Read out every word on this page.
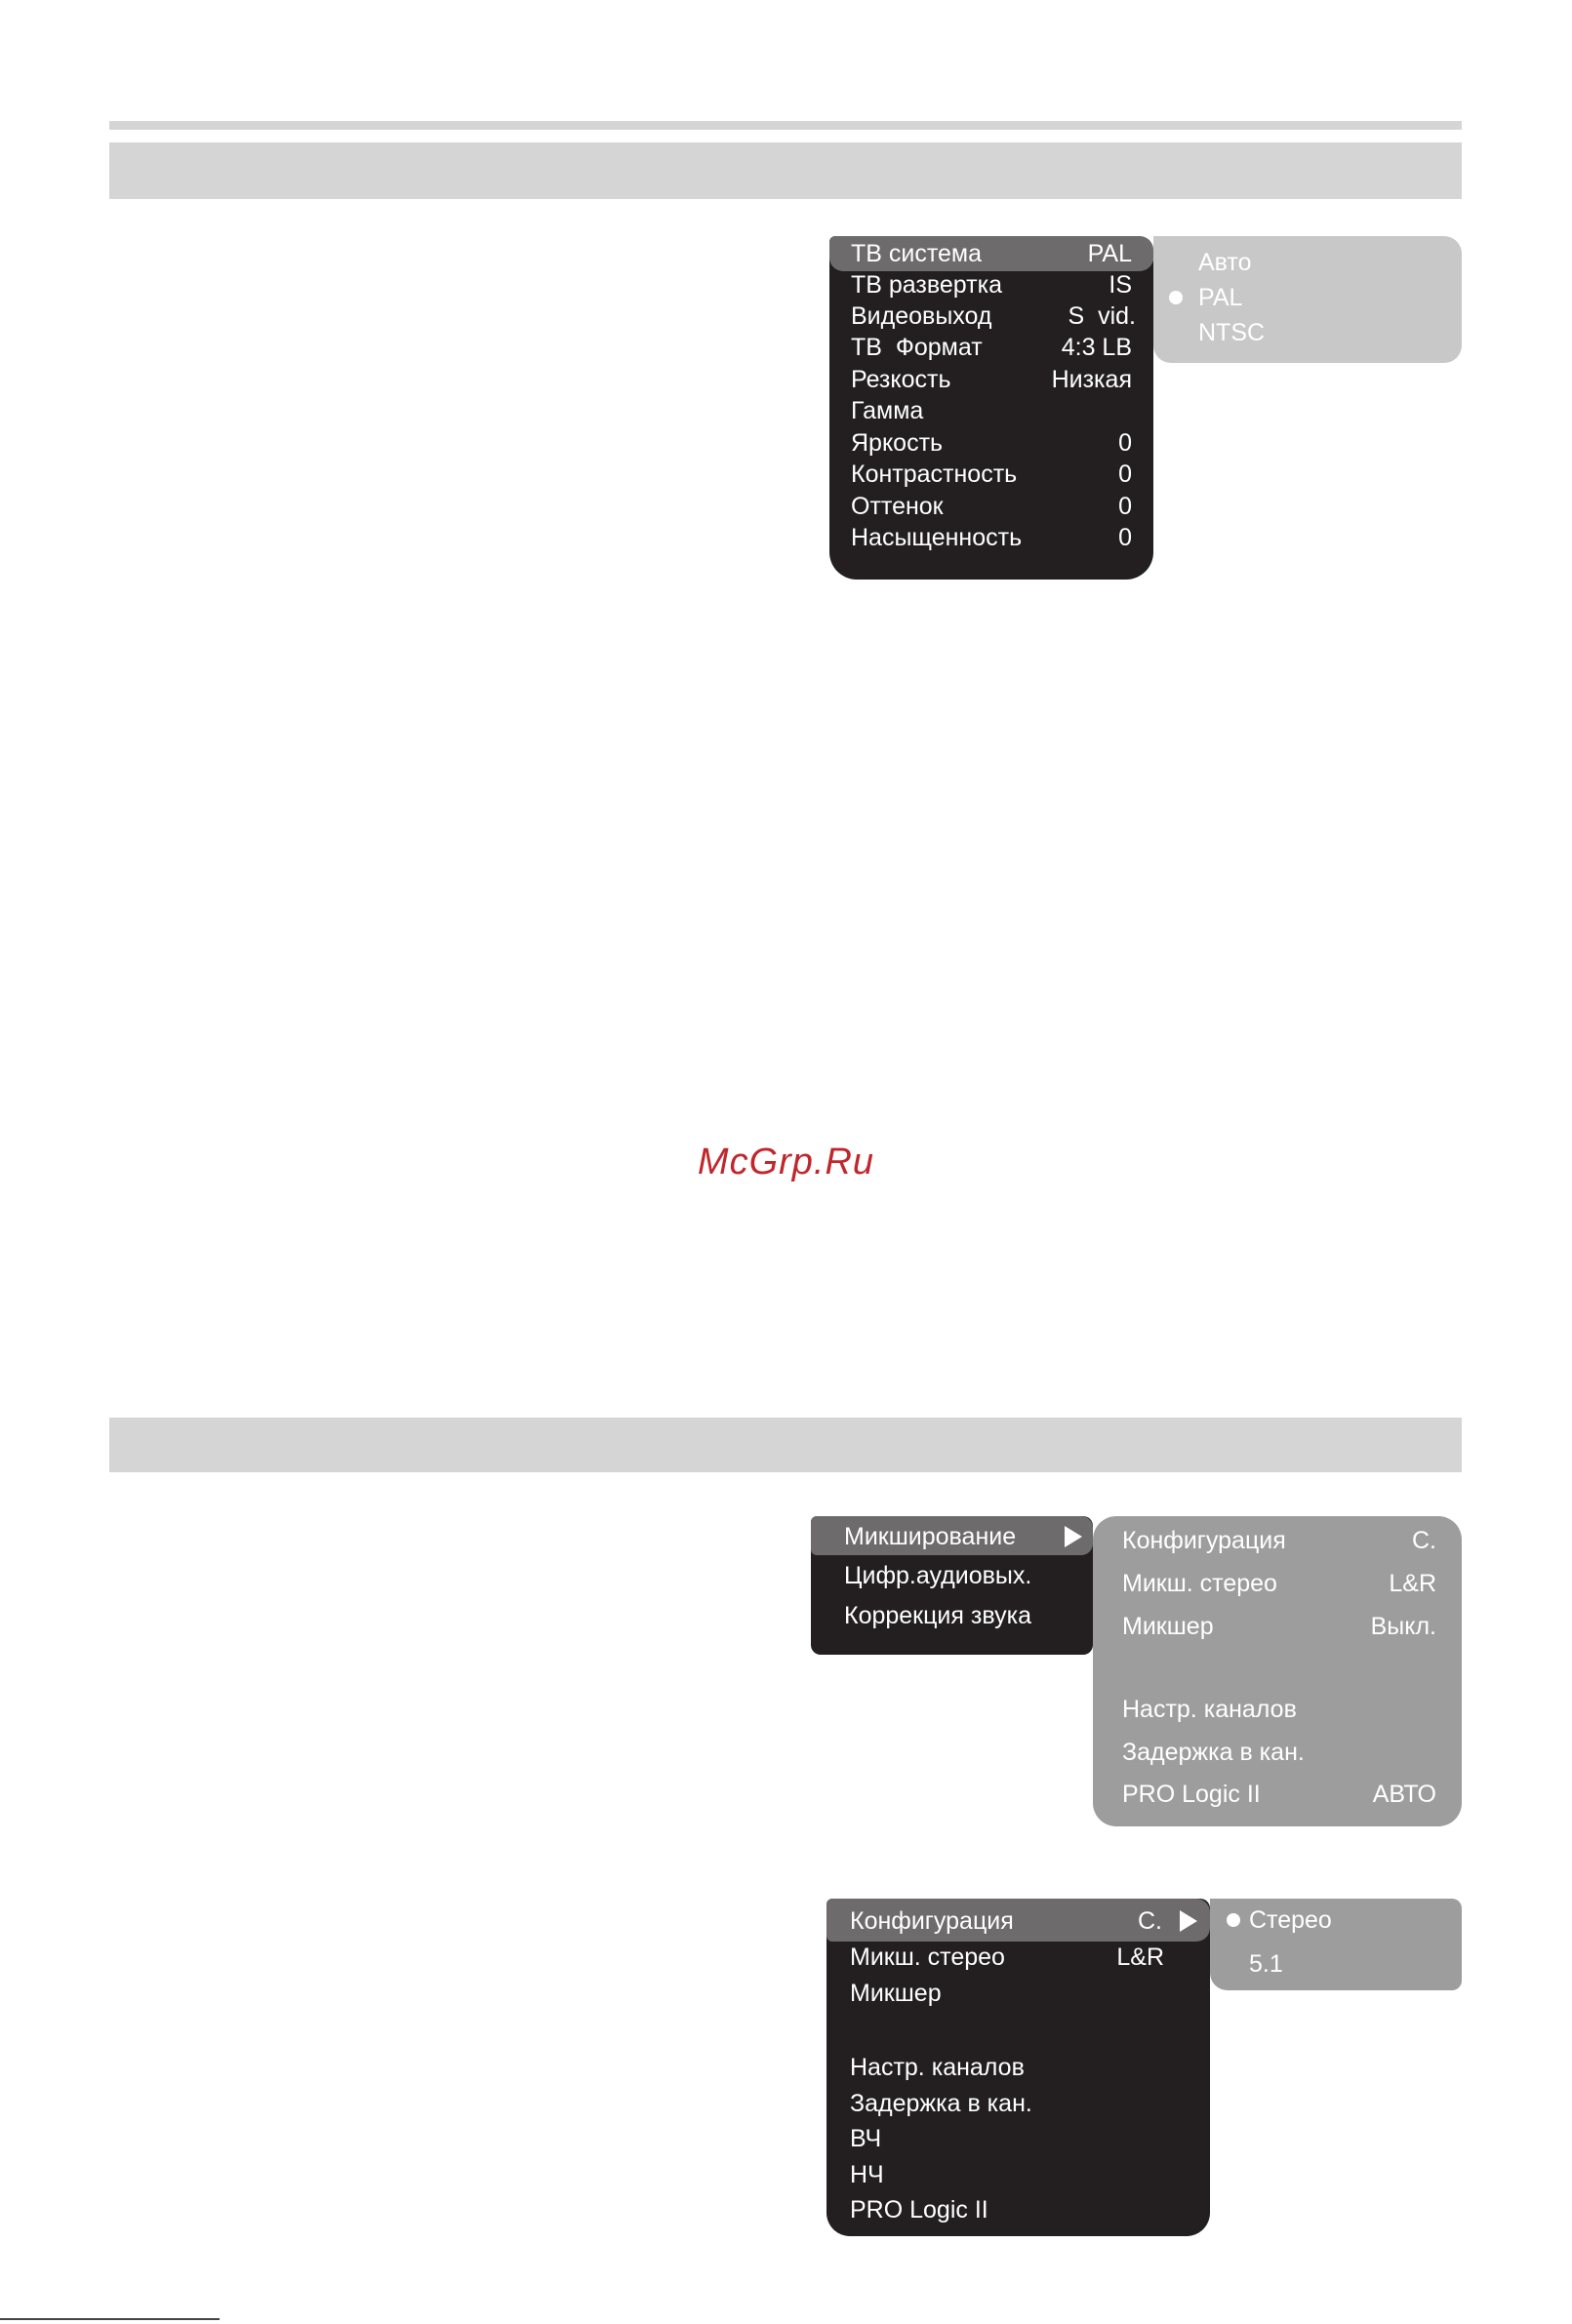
ТВ система	PAL
ТВ развертка	IS
Видеовыход	S  vid.
ТВ  Формат	4:3 LB
Резкость	Низкая
Гамма
Яркость	0
Контрастность	0
Оттенок	0
Насыщенность	0
Авто
PAL
NTSC
McGrp.Ru
Микширование
Цифр.аудиовых.
Коррекция звука
Конфигурация	C.
Микш. стерео	L&R
Микшер	Выкл.
Настр. каналов
Задержка в кан.
PRO Logic II	АВТО
Конфигурация	C.
Микш. стерео	L&R
Микшер
Настр. каналов
Задержка в кан.
ВЧ
НЧ
PRO Logic II
Стерео
5.1
